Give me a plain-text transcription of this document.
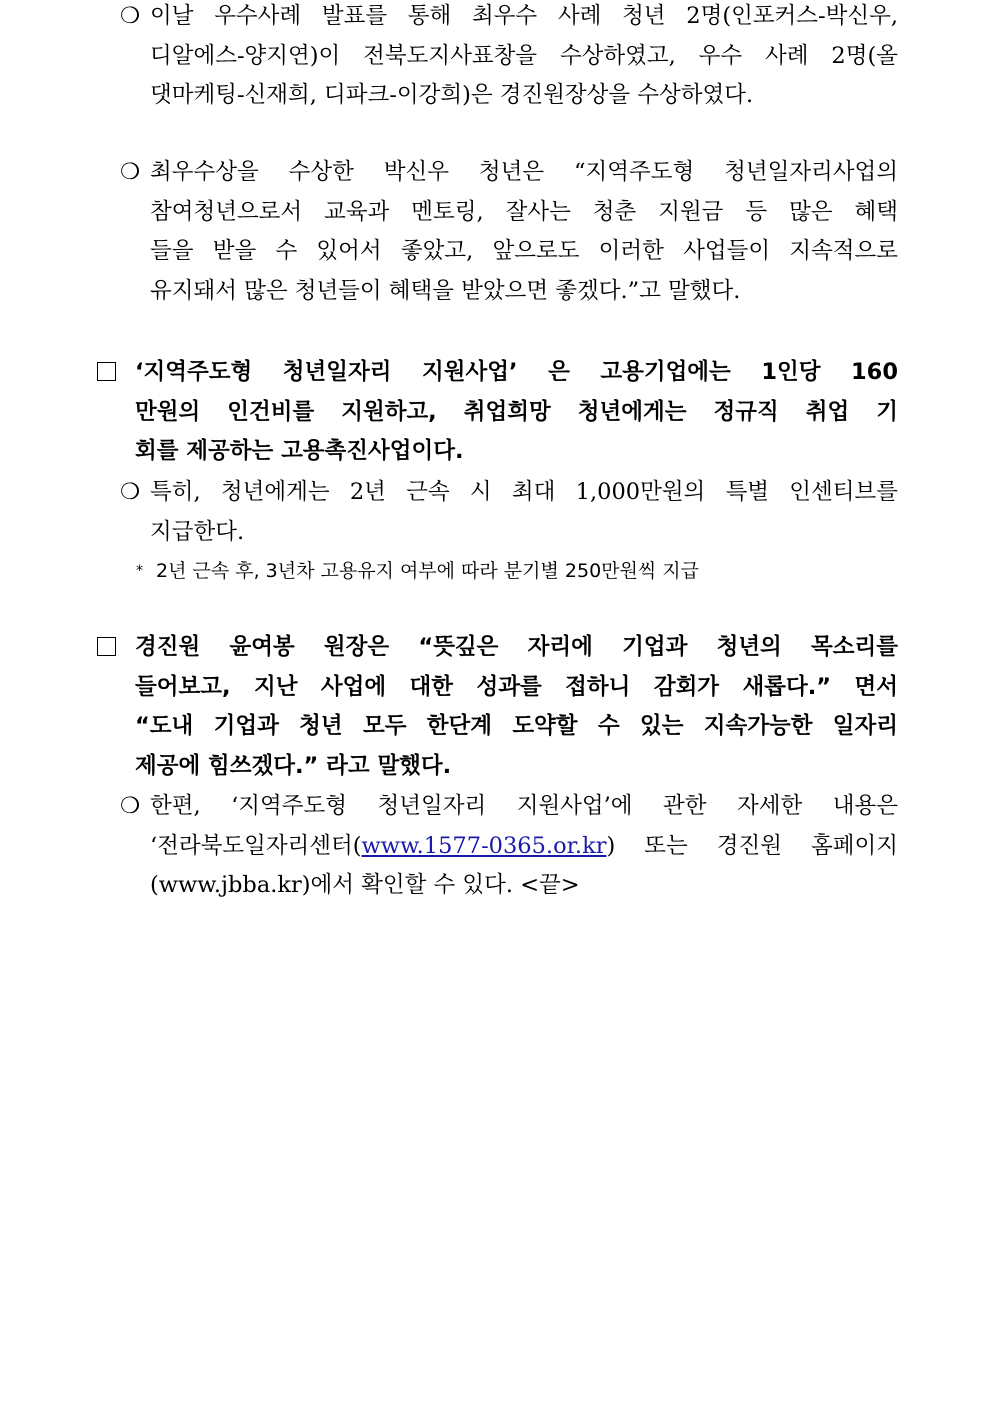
❍ 이날 우수사례 발표를 통해 최우수 사례 청년 2명(인포커스-박신우,
디알에스-양지연)이 전북도지사표창을 수상하였고, 우수 사례 2명(올
댓마케팅-신재희, 디파크-이강희)은 경진원장상을 수상하였다.
❍ 최우수상을 수상한 박신우 청년은 “지역주도형 청년일자리사업의
참여청년으로서 교육과 멘토링, 잘사는 청춘 지원금 등 많은 혜택
들을 받을 수 있어서 좋았고, 앞으로도 이러한 사업들이 지속적으로
유지돼서 많은 청년들이 혜택을 받았으면 좋겠다.”고 말했다.
‘지역주도형 청년일자리 지원사업’ 은 고용기업에는 1인당 160
만원의 인건비를 지원하고, 취업희망 청년에게는 정규직 취업 기
회를 제공하는 고용촉진사업이다.
❍ 특히, 청년에게는 2년 근속 시 최대 1,000만원의 특별 인센티브를
지급한다.
* 2년 근속 후, 3년차 고용유지 여부에 따라 분기별 250만원씩 지급
경진원 윤여봉 원장은 “뜻깊은 자리에 기업과 청년의 목소리를
들어보고, 지난 사업에 대한 성과를 접하니 감회가 새롭다.” 면서
“도내 기업과 청년 모두 한단계 도약할 수 있는 지속가능한 일자리
제공에 힘쓰겠다.” 라고 말했다.
❍ 한편, ‘지역주도형 청년일자리 지원사업’에 관한 자세한 내용은
‘전라북도일자리센터(www.1577-0365.or.kr) 또는 경진원 홈페이지
(www.jbba.kr)에서 확인할 수 있다. <끝>
